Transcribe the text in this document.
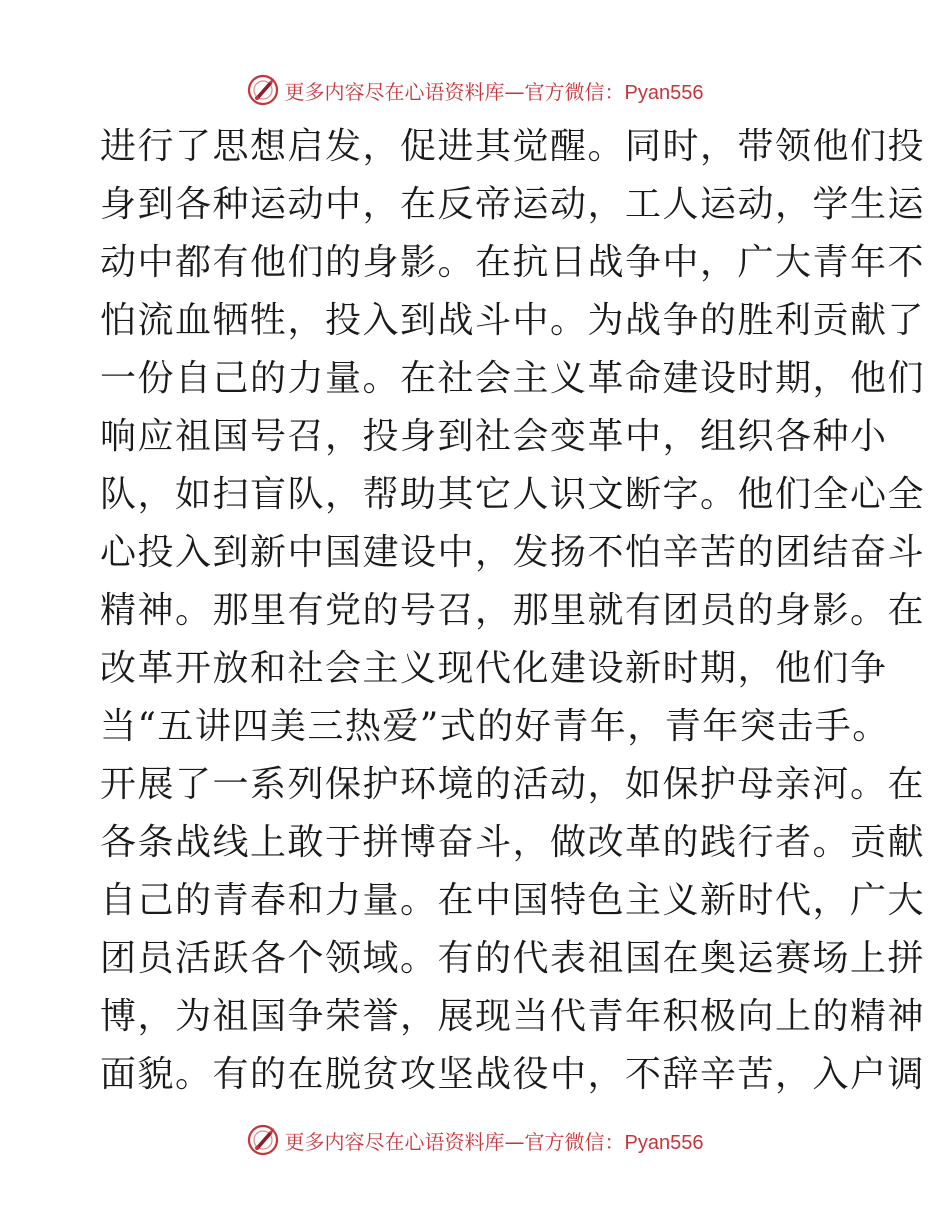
更多内容尽在心语资料库—官方微信：Pyan556
进行了思想启发，促进其觉醒。同时，带领他们投
身到各种运动中，在反帝运动，工人运动，学生运
动中都有他们的身影。在抗日战争中，广大青年不
怕流血牺牲，投入到战斗中。为战争的胜利贡献了
一份自己的力量。在社会主义革命建设时期，他们
响应祖国号召，投身到社会变革中，组织各种小
队，如扫盲队，帮助其它人识文断字。他们全心全
心投入到新中国建设中，发扬不怕辛苦的团结奋斗
精神。那里有党的号召，那里就有团员的身影。在
改革开放和社会主义现代化建设新时期，他们争
当“五讲四美三热爱”式的好青年，青年突击手。
开展了一系列保护环境的活动，如保护母亲河。在
各条战线上敢于拼博奋斗，做改革的践行者。贡献
自己的青春和力量。在中国特色主义新时代，广大
团员活跃各个领域。有的代表祖国在奥运赛场上拼
博，为祖国争荣誉，展现当代青年积极向上的精神
面貌。有的在脱贫攻坚战役中，不辞辛苦，入户调
更多内容尽在心语资料库—官方微信：Pyan556
